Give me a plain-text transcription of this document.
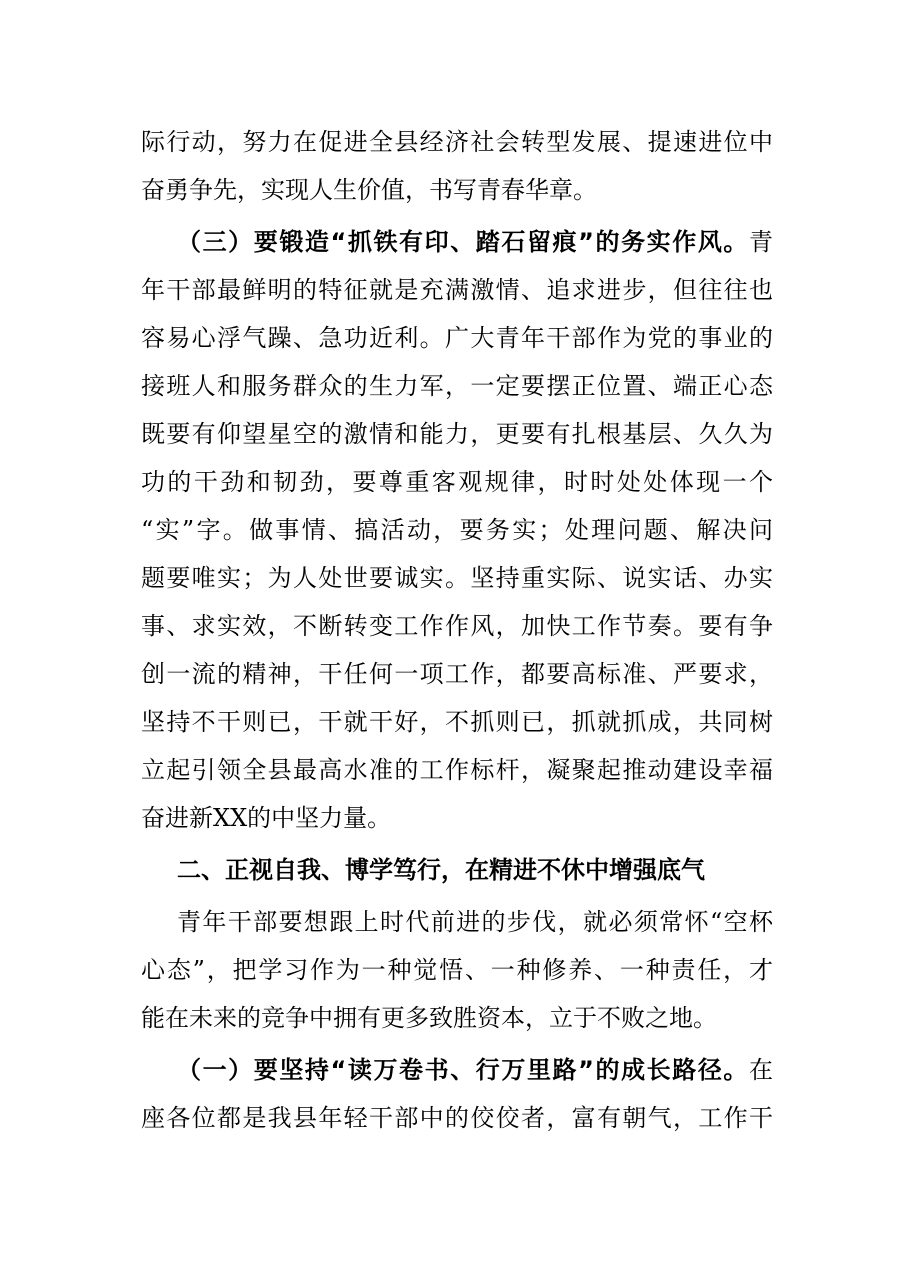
际行动，努力在促进全县经济社会转型发展、提速进位中
奋勇争先，实现人生价值，书写青春华章。
（三）要锻造“抓铁有印、踏石留痕”的务实作风。青
年干部最鲜明的特征就是充满激情、追求进步，但往往也
容易心浮气躁、急功近利。广大青年干部作为党的事业的
接班人和服务群众的生力军，一定要摆正位置、端正心态
既要有仰望星空的激情和能力，更要有扎根基层、久久为
功的干劲和韧劲，要尊重客观规律，时时处处体现一个
“实”字。做事情、搞活动，要务实；处理问题、解决问
题要唯实；为人处世要诚实。坚持重实际、说实话、办实
事、求实效，不断转变工作作风，加快工作节奏。要有争
创一流的精神，干任何一项工作，都要高标准、严要求，
坚持不干则已，干就干好，不抓则已，抓就抓成，共同树
立起引领全县最高水准的工作标杆，凝聚起推动建设幸福
奋进新XX的中坚力量。
二、正视自我、博学笃行，在精进不休中增强底气
青年干部要想跟上时代前进的步伐，就必须常怀“空杯
心态”，把学习作为一种觉悟、一种修养、一种责任，才
能在未来的竞争中拥有更多致胜资本，立于不败之地。
（一）要坚持“读万卷书、行万里路”的成长路径。在
座各位都是我县年轻干部中的佼佼者，富有朝气，工作干
